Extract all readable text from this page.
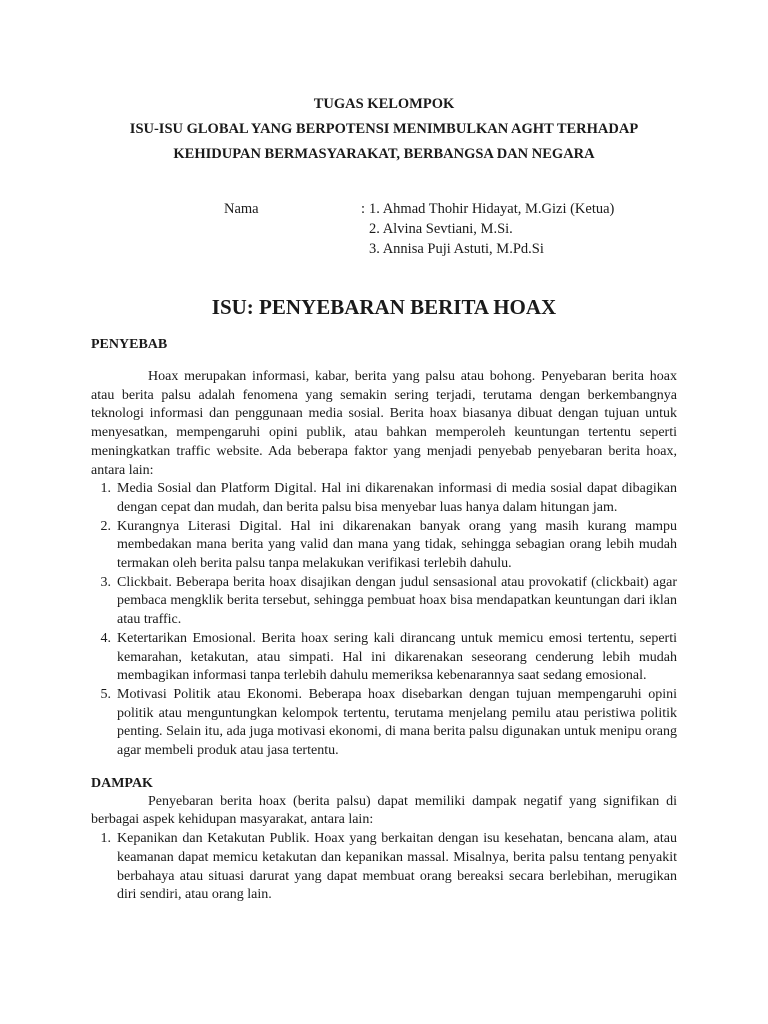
TUGAS KELOMPOK
ISU-ISU GLOBAL YANG BERPOTENSI MENIMBULKAN AGHT TERHADAP
KEHIDUPAN BERMASYARAKAT, BERBANGSA DAN NEGARA
Nama	: 1. Ahmad Thohir Hidayat, M.Gizi (Ketua)
2. Alvina Sevtiani, M.Si.
3. Annisa Puji Astuti, M.Pd.Si
ISU: PENYEBARAN BERITA HOAX
PENYEBAB

Hoax merupakan informasi, kabar, berita yang palsu atau bohong. Penyebaran berita hoax atau berita palsu adalah fenomena yang semakin sering terjadi, terutama dengan berkembangnya teknologi informasi dan penggunaan media sosial. Berita hoax biasanya dibuat dengan tujuan untuk menyesatkan, mempengaruhi opini publik, atau bahkan memperoleh keuntungan tertentu seperti meningkatkan traffic website. Ada beberapa faktor yang menjadi penyebab penyebaran berita hoax, antara lain:

1. Media Sosial dan Platform Digital. Hal ini dikarenakan informasi di media sosial dapat dibagikan dengan cepat dan mudah, dan berita palsu bisa menyebar luas hanya dalam hitungan jam.
2. Kurangnya Literasi Digital. Hal ini dikarenakan banyak orang yang masih kurang mampu membedakan mana berita yang valid dan mana yang tidak, sehingga sebagian orang lebih mudah termakan oleh berita palsu tanpa melakukan verifikasi terlebih dahulu.
3. Clickbait. Beberapa berita hoax disajikan dengan judul sensasional atau provokatif (clickbait) agar pembaca mengklik berita tersebut, sehingga pembuat hoax bisa mendapatkan keuntungan dari iklan atau traffic.
4. Ketertarikan Emosional. Berita hoax sering kali dirancang untuk memicu emosi tertentu, seperti kemarahan, ketakutan, atau simpati. Hal ini dikarenakan seseorang cenderung lebih mudah membagikan informasi tanpa terlebih dahulu memeriksa kebenarannya saat sedang emosional.
5. Motivasi Politik atau Ekonomi. Beberapa hoax disebarkan dengan tujuan mempengaruhi opini politik atau menguntungkan kelompok tertentu, terutama menjelang pemilu atau peristiwa politik penting. Selain itu, ada juga motivasi ekonomi, di mana berita palsu digunakan untuk menipu orang agar membeli produk atau jasa tertentu.
DAMPAK

Penyebaran berita hoax (berita palsu) dapat memiliki dampak negatif yang signifikan di berbagai aspek kehidupan masyarakat, antara lain:

1. Kepanikan dan Ketakutan Publik. Hoax yang berkaitan dengan isu kesehatan, bencana alam, atau keamanan dapat memicu ketakutan dan kepanikan massal. Misalnya, berita palsu tentang penyakit berbahaya atau situasi darurat yang dapat membuat orang bereaksi secara berlebihan, merugikan diri sendiri, atau orang lain.
